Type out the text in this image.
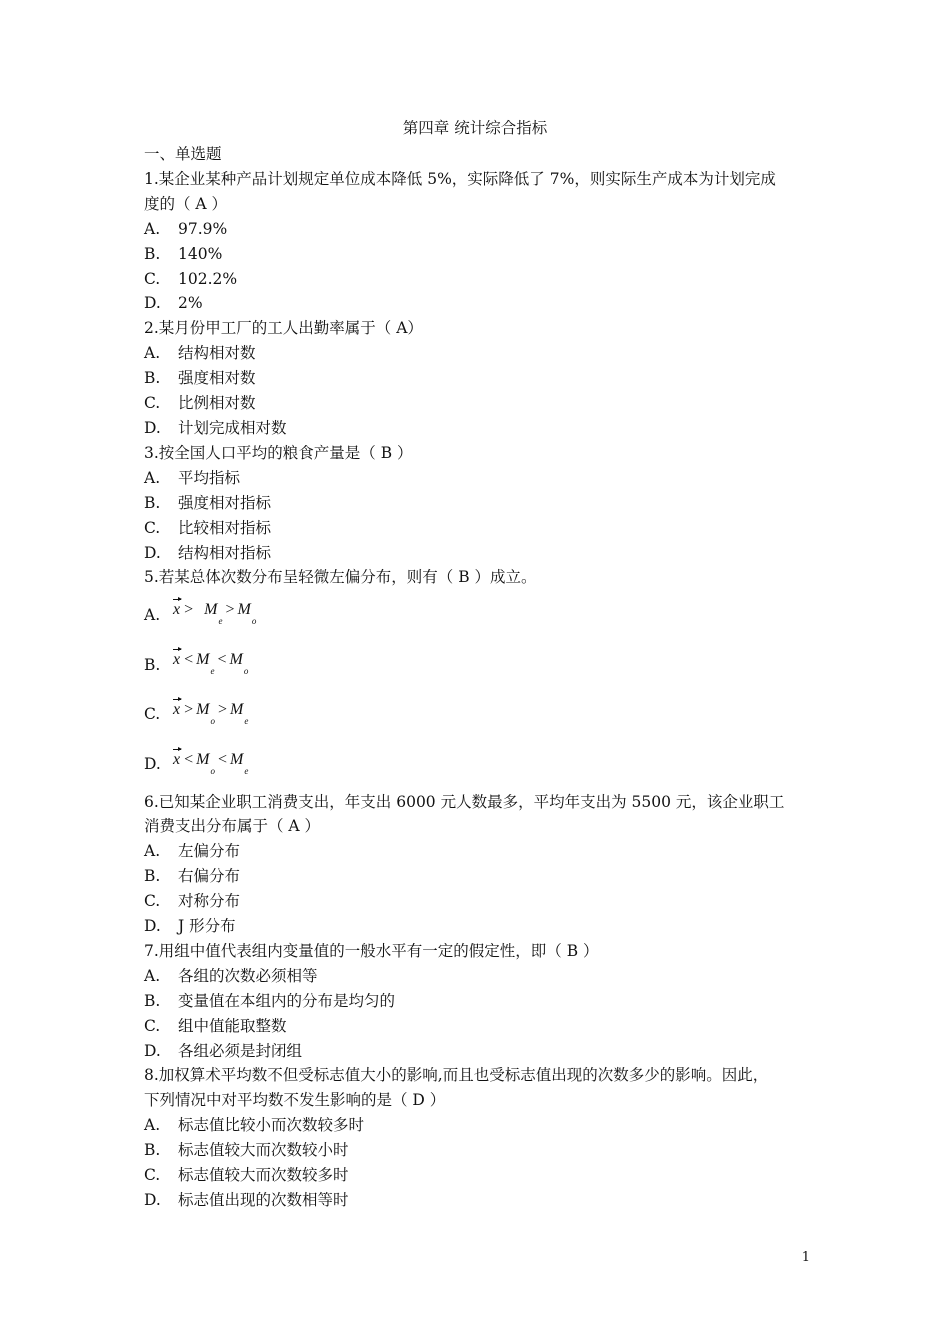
第四章 统计综合指标
一、单选题
1.某企业某种产品计划规定单位成本降低 5%，实际降低了 7%，则实际生产成本为计划完成
度的（ A ）
A.	97.9%
B.	140%
C.	102.2%
D.	2%
2.某月份甲工厂的工人出勤率属于（ A）
A.	结构相对数
B.	强度相对数
C.	比例相对数
D.	计划完成相对数
3.按全国人口平均的粮食产量是（ B ）
A.	平均指标
B.	强度相对指标
C.	比较相对指标
D.	结构相对指标
5.若某总体次数分布呈轻微左偏分布，则有（ B ）成立。
A. $x > M_e$
> $M_o$
B. $x < M_e$
< $M_o$
C. $x > M_o$
> $M_e$
D. $x < M_o$
< $M_e$
6.已知某企业职工消费支出，年支出 6000 元人数最多，平均年支出为 5500 元，该企业职工
消费支出分布属于（ A ）
A.	左偏分布
B.	右偏分布
C.	对称分布
D.	J 形分布
7.用组中值代表组内变量值的一般水平有一定的假定性，即（ B ）
A.	各组的次数必须相等
B.	变量值在本组内的分布是均匀的
C.	组中值能取整数
D.	各组必须是封闭组
8.加权算术平均数不但受标志值大小的影响,而且也受标志值出现的次数多少的影响。因此，
下列情况中对平均数不发生影响的是（ D ）
A.	标志值比较小而次数较多时
B.	标志值较大而次数较小时
C.	标志值较大而次数较多时
D.	标志值出现的次数相等时
1
